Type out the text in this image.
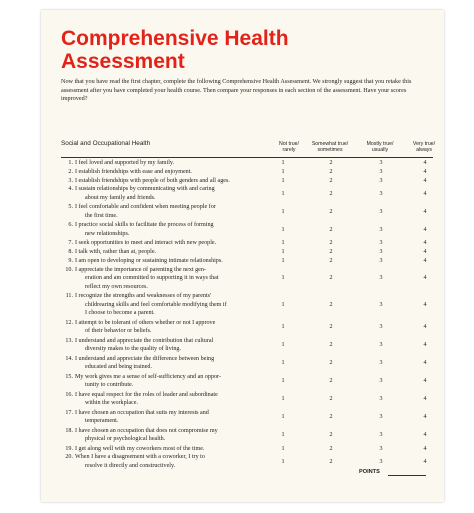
Comprehensive Health
Assessment
Now that you have read the first chapter, complete the following Comprehensive Health Assessment. We strongly suggest that you retake this assessment after you have completed your health course. Then compare your responses in each section of the assessment. Have your scores improved?
Social and Occupational Health	Not true/
rarely
Somewhat true/
sometimes
Mostly true/
usually
Very true/
always
1. I feel loved and supported by my family.	1	2	3	4
2. I establish friendships with ease and enjoyment.	1	2	3	4
3. I establish friendships with people of both genders and all ages.	1	2	3	4
4. I sustain relationships by communicating with and caring
about my family and friends.
1	2	3	4
5. I feel comfortable and confident when meeting people for
the first time.
1	2	3	4
6. I practice social skills to facilitate the process of forming
new relationships.
1	2	3	4
7. I seek opportunities to meet and interact with new people.	1	2	3	4
8. I talk with, rather than at, people.	1	2	3	4
9. I am open to developing or sustaining intimate relationships.	1	2	3	4
10. I appreciate the importance of parenting the next gen-
eration and am committed to supporting it in ways that
reflect my own resources.
1	2	3	4
11. I recognize the strengths and weaknesses of my parents'
childrearing skills and feel comfortable modifying them if
I choose to become a parent.
1	2	3	4
12. I attempt to be tolerant of others whether or not I approve
of their behavior or beliefs.
1	2	3	4
13. I understand and appreciate the contribution that cultural
diversity makes to the quality of living.
1	2	3	4
14. I understand and appreciate the difference between being
educated and being trained.
1	2	3	4
15. My work gives me a sense of self-sufficiency and an oppor-
tunity to contribute.
1	2	3	4
16. I have equal respect for the roles of leader and subordinate
within the workplace.
1	2	3	4
17. I have chosen an occupation that suits my interests and
temperament.
1	2	3	4
18. I have chosen an occupation that does not compromise my
physical or psychological health.
1	2	3	4
19. I get along well with my coworkers most of the time.	1	2	3	4
20. When I have a disagreement with a coworker, I try to
resolve it directly and constructively.
1	2	3	4
POINTS
